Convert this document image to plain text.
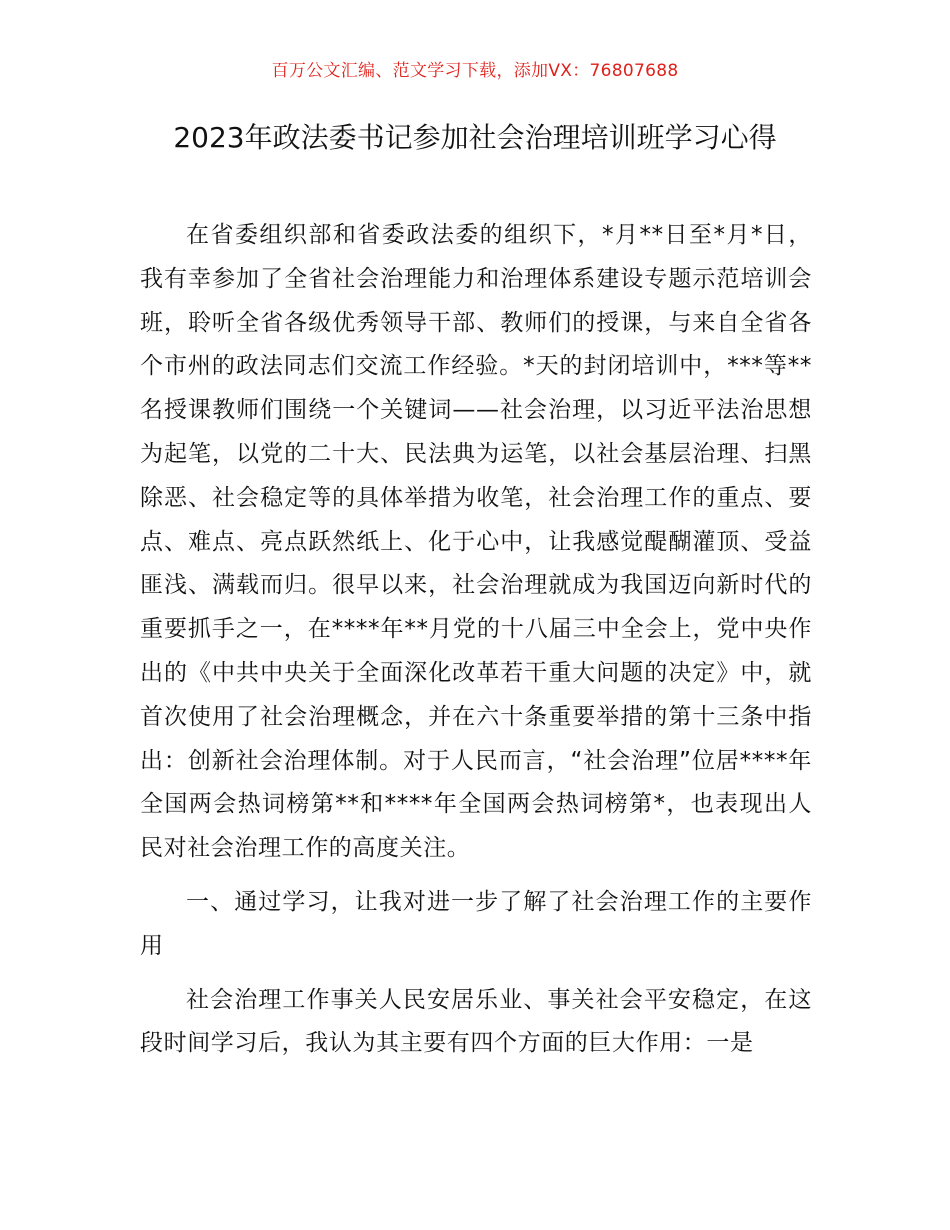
百万公文汇编、范文学习下载，添加VX：76807688
2023年政法委书记参加社会治理培训班学习心得

在省委组织部和省委政法委的组织下，*月**日至*月*日，我有幸参加了全省社会治理能力和治理体系建设专题示范培训会班，聆听全省各级优秀领导干部、教师们的授课，与来自全省各个市州的政法同志们交流工作经验。*天的封闭培训中，***等**名授课教师们围绕一个关键词——社会治理，以习近平法治思想为起笔，以党的二十大、民法典为运笔，以社会基层治理、扫黑除恶、社会稳定等的具体举措为收笔，社会治理工作的重点、要点、难点、亮点跃然纸上、化于心中，让我感觉醍醐灌顶、受益匪浅、满载而归。很早以来，社会治理就成为我国迈向新时代的重要抓手之一，在****年**月党的十八届三中全会上，党中央作出的《中共中央关于全面深化改革若干重大问题的决定》中，就首次使用了社会治理概念，并在六十条重要举措的第十三条中指出：创新社会治理体制。对于人民而言，“社会治理”位居****年全国两会热词榜第**和****年全国两会热词榜第*，也表现出人民对社会治理工作的高度关注。

一、通过学习，让我对进一步了解了社会治理工作的主要作用

社会治理工作事关人民安居乐业、事关社会平安稳定，在这段时间学习后，我认为其主要有四个方面的巨大作用：一是
